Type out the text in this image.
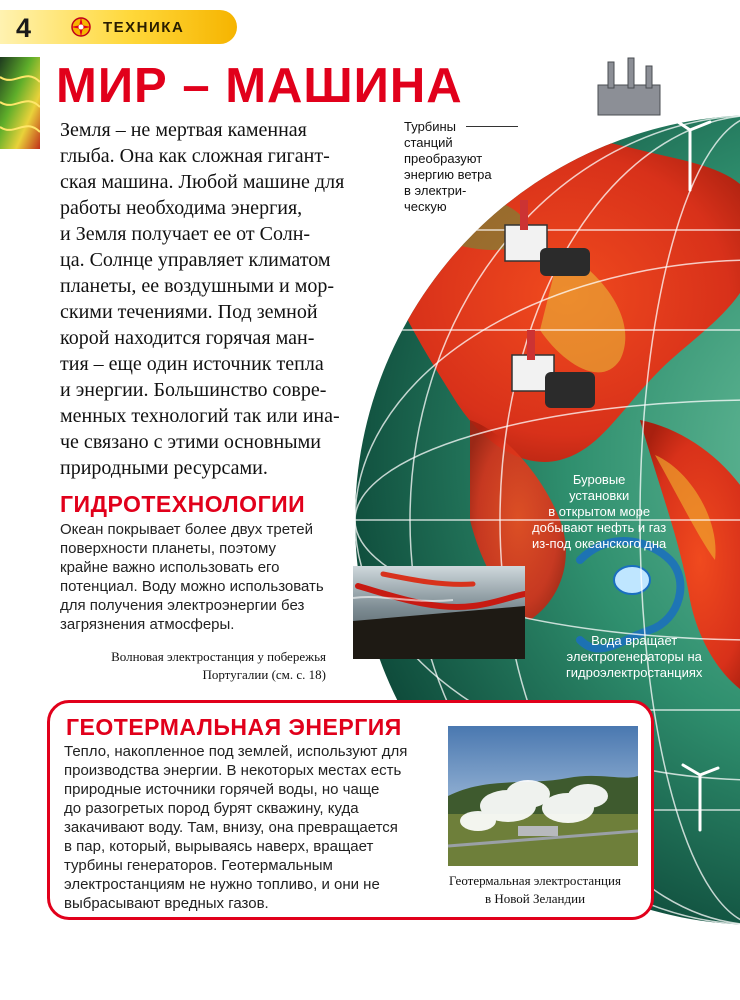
4	ТЕХНИКА
МИР – МАШИНА
Земля – не мертвая каменная
глыба. Она как сложная гигант-
ская машина. Любой машине для
работы необходима энергия,
и Земля получает ее от Солн-
ца. Солнце управляет климатом
планеты, ее воздушными и мор-
скими течениями. Под земной
корой находится горячая ман-
тия – еще один источник тепла
и энергии. Большинство совре-
менных технологий так или ина-
че связано с этими основными
природными ресурсами.
Турбины
станций
преобразуют
энергию ветра
в электри-
ческую
Буровые
установки
в открытом море
добывают нефть и газ
из-под океанского дна
Вода вращает
электрогенераторы на
гидроэлектростанциях
ГИДРОТЕХНОЛОГИИ
Океан покрывает более двух третей
поверхности планеты, поэтому
крайне важно использовать его
потенциал. Воду можно использовать
для получения электроэнергии без
загрязнения атмосферы.
Волновая электростанция у побережья
Португалии (см. с. 18)
ГЕОТЕРМАЛЬНАЯ ЭНЕРГИЯ
Тепло, накопленное под землей, используют для
производства энергии. В некоторых местах есть
природные источники горячей воды, но чаще
до разогретых пород бурят скважину, куда
закачивают воду. Там, внизу, она превращается
в пар, который, вырываясь наверх, вращает
турбины генераторов. Геотермальным
электростанциям не нужно топливо, и они не
выбрасывают вредных газов.
Геотермальная электростанция
в Новой Зеландии
